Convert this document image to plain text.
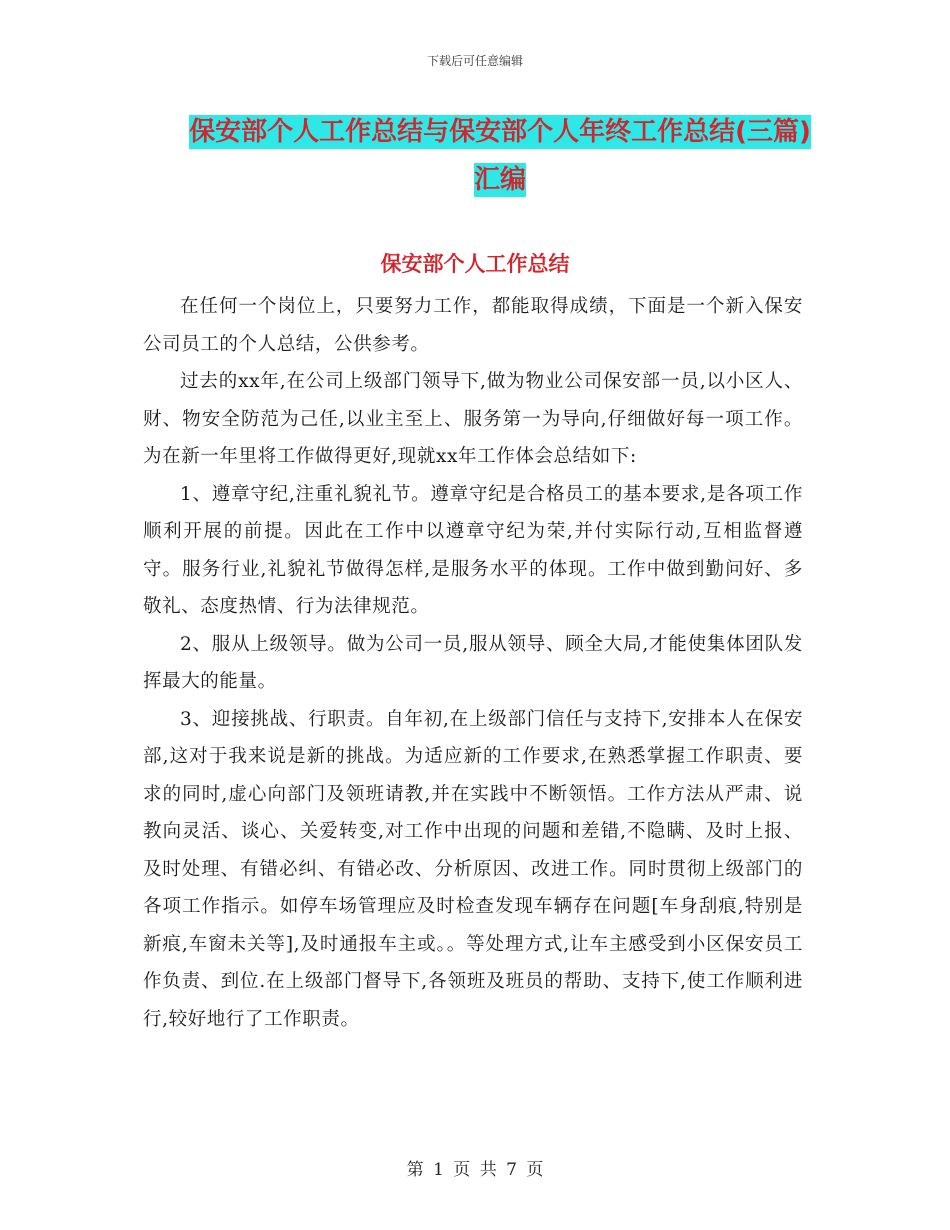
下载后可任意编辑
保安部个人工作总结与保安部个人年终工作总结(三篇)汇编
保安部个人工作总结

在任何一个岗位上，只要努力工作，都能取得成绩，下面是一个新入保安公司员工的个人总结，公供参考。

过去的xx年,在公司上级部门领导下,做为物业公司保安部一员,以小区人、财、物安全防范为己任,以业主至上、服务第一为导向,仔细做好每一项工作。为在新一年里将工作做得更好,现就xx年工作体会总结如下:

1、遵章守纪,注重礼貌礼节。遵章守纪是合格员工的基本要求,是各项工作顺利开展的前提。因此在工作中以遵章守纪为荣,并付实际行动,互相监督遵守。服务行业,礼貌礼节做得怎样,是服务水平的体现。工作中做到勤问好、多敬礼、态度热情、行为法律规范。

2、服从上级领导。做为公司一员,服从领导、顾全大局,才能使集体团队发挥最大的能量。

3、迎接挑战、行职责。自年初,在上级部门信任与支持下,安排本人在保安部,这对于我来说是新的挑战。为适应新的工作要求,在熟悉掌握工作职责、要求的同时,虚心向部门及领班请教,并在实践中不断领悟。工作方法从严肃、说教向灵活、谈心、关爱转变,对工作中出现的问题和差错,不隐瞒、及时上报、及时处理、有错必纠、有错必改、分析原因、改进工作。同时贯彻上级部门的各项工作指示。如停车场管理应及时检查发现车辆存在问题[车身刮痕,特别是新痕,车窗未关等],及时通报车主或。。等处理方式,让车主感受到小区保安员工作负责、到位.在上级部门督导下,各领班及班员的帮助、支持下,使工作顺利进行,较好地行了工作职责。

第 1 页 共 7 页
